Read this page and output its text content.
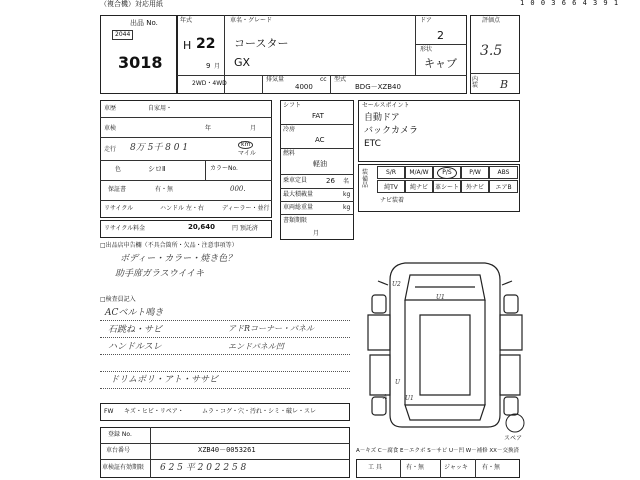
（複合機）対応用紙	1 0 0 3 6 6 4 3 9 1
出品 No.
2044
3018
年式
H 22
9 月
車名・グレード
コースター
GX
ドア
2
形状
キャブ
2WD・4WD
排気量
4000
cc 型式
BDG－XZB40
評価点
3.5
内 装 B
車歴	自家用・
車検	年	月
走行 8万 5千 8 0 1	km
マイル
色	シロⅡ	カラーNo.
保証書	有・無	000.
リサイクル	ハンドル 左・右	ディーラー・並行
リサイクル料金	20,640	円 預託済
シフト
FAT
冷房
AC
燃料
軽油
乗車定員	26 名
最大積載量	kg
車両総重量	kg
書類期限
月
セールスポイント
自動ドア
バックカメラ
ETC
装備品
S/R	M/A/W	P/S	P/W	ABS
純TV	純ナビ	革シート	外ナビ	エアB
ナビ装着
□出品店申告欄（不具合箇所・欠品・注意事項等）
ボディー・カラー・焼き色？
助手席ガラスウイイキ
□検査員記入
ACベルト鳴き
石跳ね・サビ
ハンドルスレ
ドリムポリ・アト・ササビ
アドRコーナー・パネル
エンドパネル凹
U2
U1
U
A	U1
スペア
FW キズ・ヒビ・リペア・	ムラ・コグ・穴・汚れ・シミ・破レ・スレ
登録 No.
車台番号	XZB40－0053261
車検証有効期限 6 2 5 平 2 0 2 2 5 8	工 具	有・無	ジャッキ 有・無
A－キズ C－腐食 E－エクボ S－サビ U－凹 W－補修 XX－交換済
